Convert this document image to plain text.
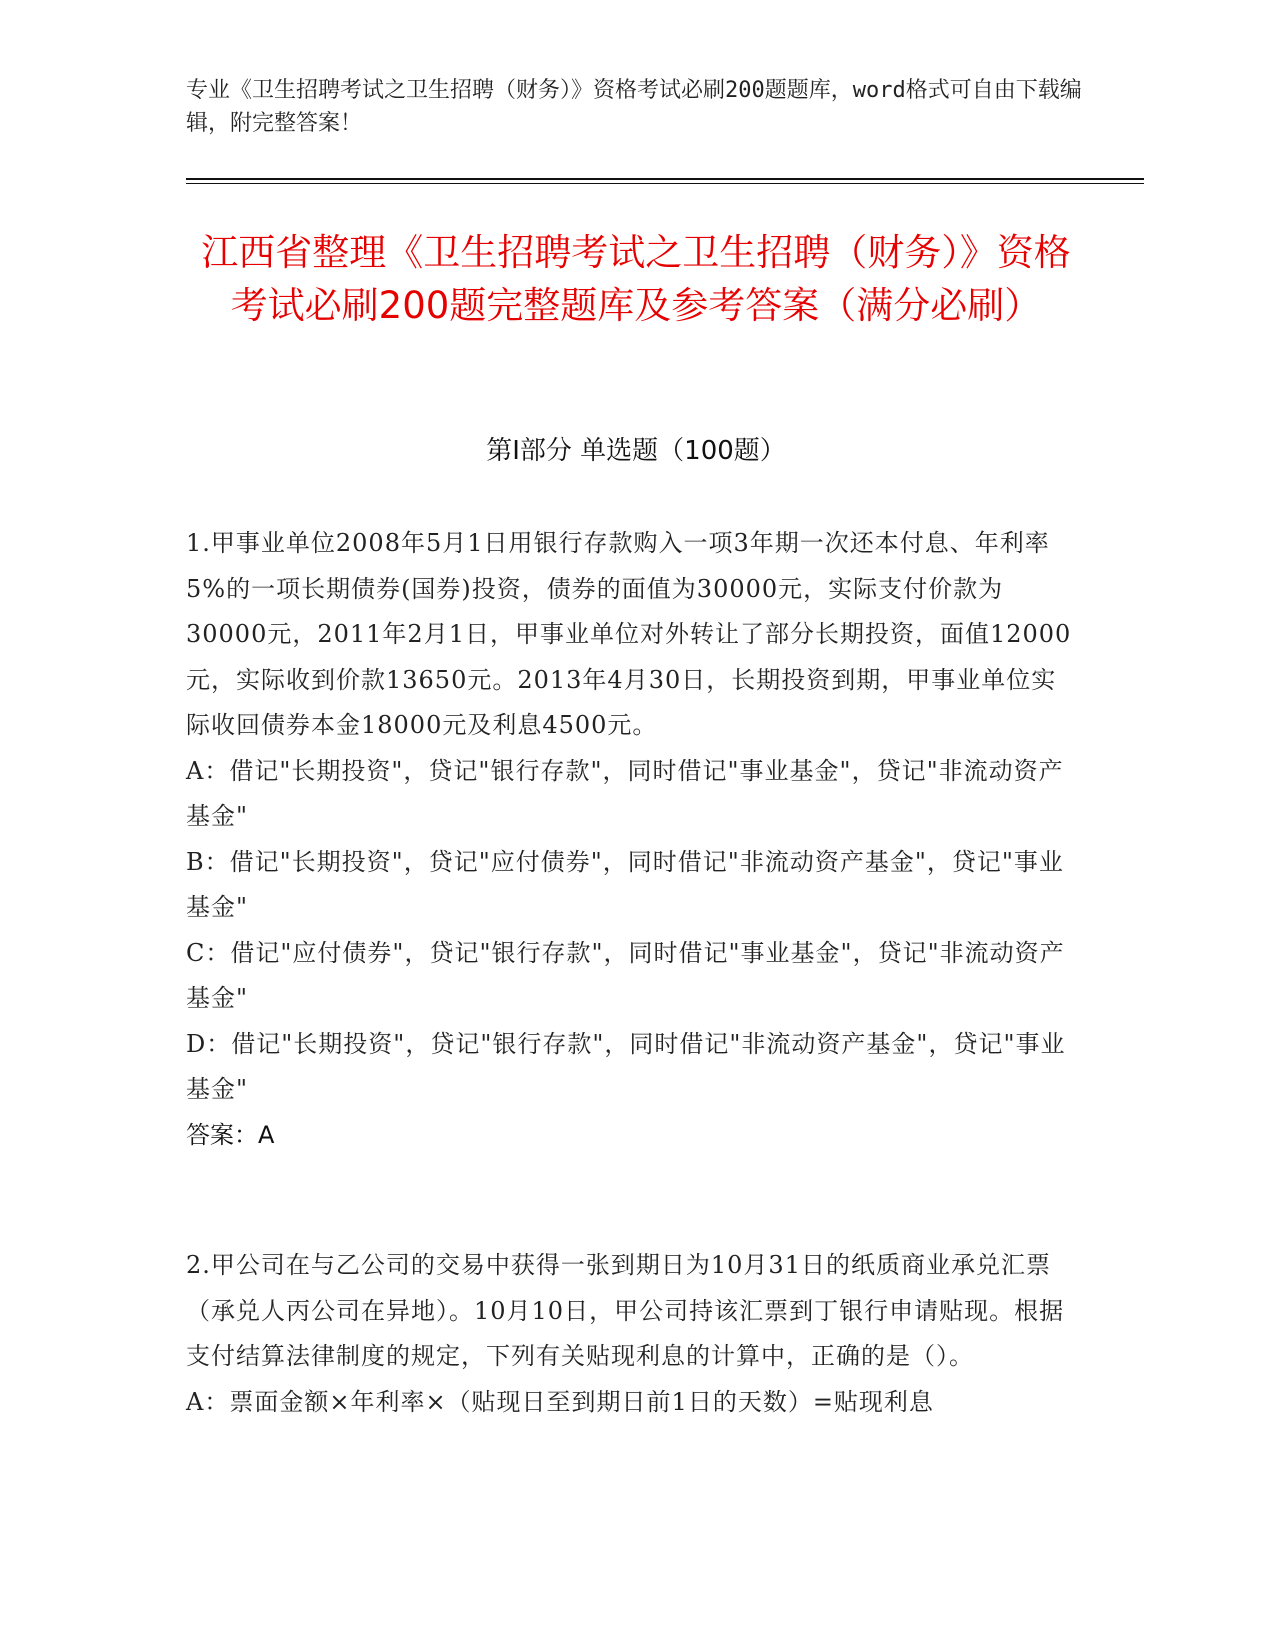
专业《卫生招聘考试之卫生招聘（财务）》资格考试必刷200题题库，word格式可自由下载编辑，附完整答案！
江西省整理《卫生招聘考试之卫生招聘（财务）》资格考试必刷200题完整题库及参考答案（满分必刷）
第Ⅰ部分 单选题（100题）

1.甲事业单位2008年5月1日用银行存款购入一项3年期一次还本付息、年利率5%的一项长期债券(国券)投资，债券的面值为30000元，实际支付价款为30000元，2011年2月1日，甲事业单位对外转让了部分长期投资，面值12000元，实际收到价款13650元。2013年4月30日，长期投资到期，甲事业单位实际收回债券本金18000元及利息4500元。

A：借记"长期投资"，贷记"银行存款"，同时借记"事业基金"，贷记"非流动资产基金"

B：借记"长期投资"，贷记"应付债券"，同时借记"非流动资产基金"，贷记"事业基金"

C：借记"应付债券"，贷记"银行存款"，同时借记"事业基金"，贷记"非流动资产基金"

D：借记"长期投资"，贷记"银行存款"，同时借记"非流动资产基金"，贷记"事业基金"

答案：A

2.甲公司在与乙公司的交易中获得一张到期日为10月31日的纸质商业承兑汇票（承兑人丙公司在异地）。10月10日，甲公司持该汇票到丁银行申请贴现。根据支付结算法律制度的规定，下列有关贴现利息的计算中，正确的是（）。

A：票面金额×年利率×（贴现日至到期日前1日的天数）=贴现利息
